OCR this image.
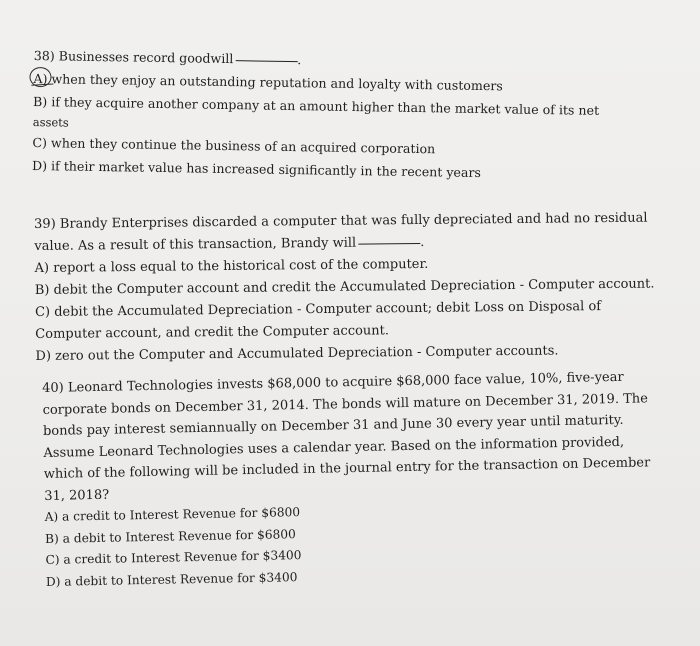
38) Businesses record goodwill	.
A) when they enjoy an outstanding reputation and loyalty with customers
B) if they acquire another company at an amount higher than the market value of its net
assets
C) when they continue the business of an acquired corporation
D) if their market value has increased significantly in the recent years
39) Brandy Enterprises discarded a computer that was fully depreciated and had no residual
value. As a result of this transaction, Brandy will	.
A) report a loss equal to the historical cost of the computer.
B) debit the Computer account and credit the Accumulated Depreciation - Computer account.
C) debit the Accumulated Depreciation - Computer account; debit Loss on Disposal of
Computer account, and credit the Computer account.
D) zero out the Computer and Accumulated Depreciation - Computer accounts.
40) Leonard Technologies invests $68,000 to acquire $68,000 face value, 10%, five-year
corporate bonds on December 31, 2014. The bonds will mature on December 31, 2019. The
bonds pay interest semiannually on December 31 and June 30 every year until maturity.
Assume Leonard Technologies uses a calendar year. Based on the information provided,
which of the following will be included in the journal entry for the transaction on December
31, 2018?
A) a credit to Interest Revenue for $6800
B) a debit to Interest Revenue for $6800
C) a credit to Interest Revenue for $3400
D) a debit to Interest Revenue for $3400
